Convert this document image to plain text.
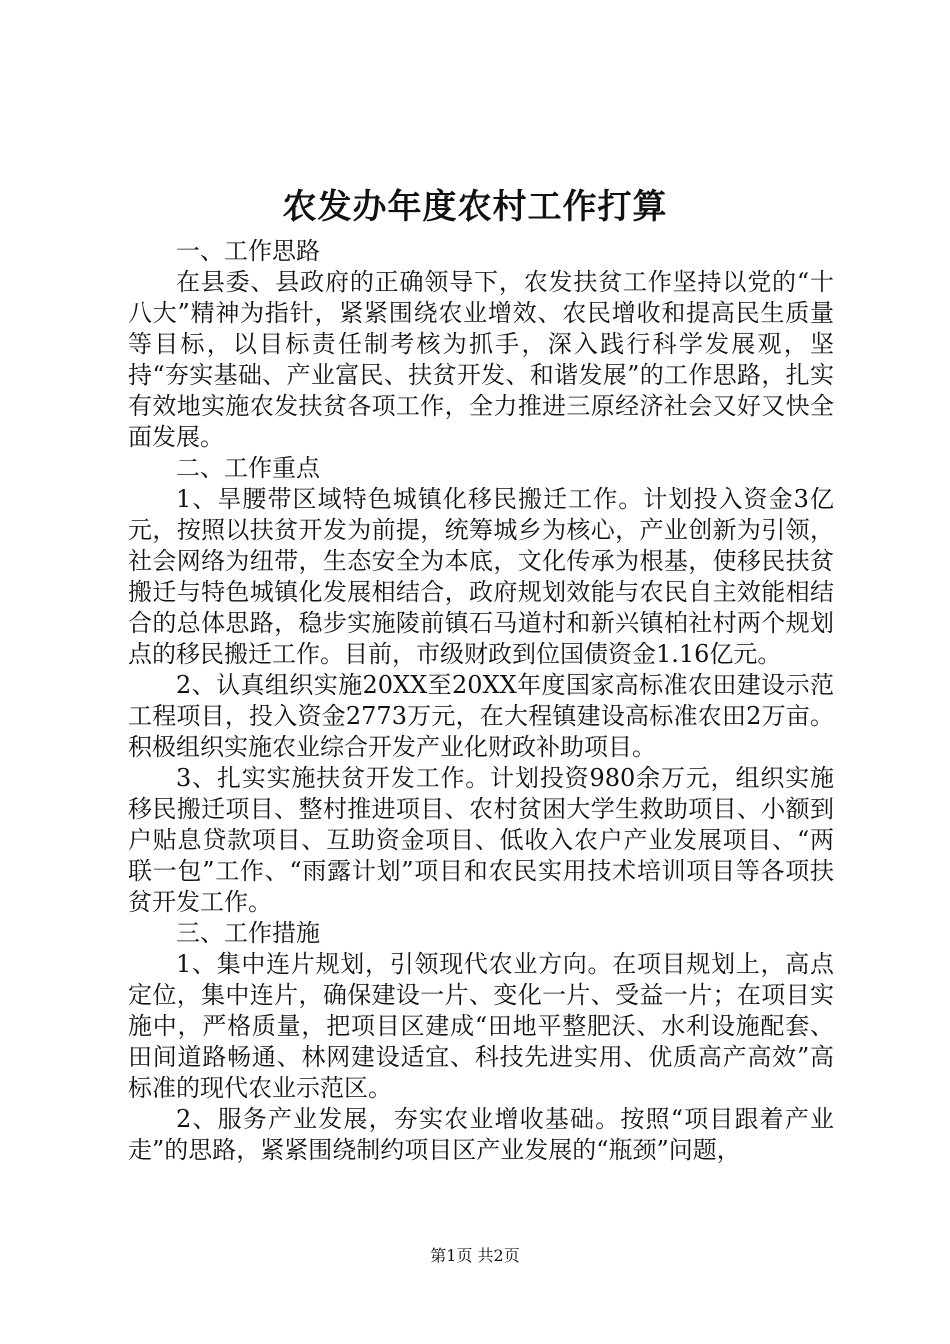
农发办年度农村工作打算

一、工作思路

在县委、县政府的正确领导下，农发扶贫工作坚持以党的“十八大”精神为指针，紧紧围绕农业增效、农民增收和提高民生质量等目标，以目标责任制考核为抓手，深入践行科学发展观，坚持“夯实基础、产业富民、扶贫开发、和谐发展”的工作思路，扎实有效地实施农发扶贫各项工作，全力推进三原经济社会又好又快全面发展。

二、工作重点

1、旱腰带区域特色城镇化移民搬迁工作。计划投入资金3亿元，按照以扶贫开发为前提，统筹城乡为核心，产业创新为引领，社会网络为纽带，生态安全为本底，文化传承为根基，使移民扶贫搬迁与特色城镇化发展相结合，政府规划效能与农民自主效能相结合的总体思路，稳步实施陵前镇石马道村和新兴镇柏社村两个规划点的移民搬迁工作。目前，市级财政到位国债资金1.16亿元。

2、认真组织实施20XX至20XX年度国家高标准农田建设示范工程项目，投入资金2773万元，在大程镇建设高标准农田2万亩。积极组织实施农业综合开发产业化财政补助项目。

3、扎实实施扶贫开发工作。计划投资980余万元，组织实施移民搬迁项目、整村推进项目、农村贫困大学生救助项目、小额到户贴息贷款项目、互助资金项目、低收入农户产业发展项目、“两联一包”工作、“雨露计划”项目和农民实用技术培训项目等各项扶贫开发工作。

三、工作措施

1、集中连片规划，引领现代农业方向。在项目规划上，高点定位，集中连片，确保建设一片、变化一片、受益一片；在项目实施中，严格质量，把项目区建成“田地平整肥沃、水利设施配套、田间道路畅通、林网建设适宜、科技先进实用、优质高产高效”高标准的现代农业示范区。

2、服务产业发展，夯实农业增收基础。按照“项目跟着产业走”的思路，紧紧围绕制约项目区产业发展的“瓶颈”问题，

第1页 共2页
